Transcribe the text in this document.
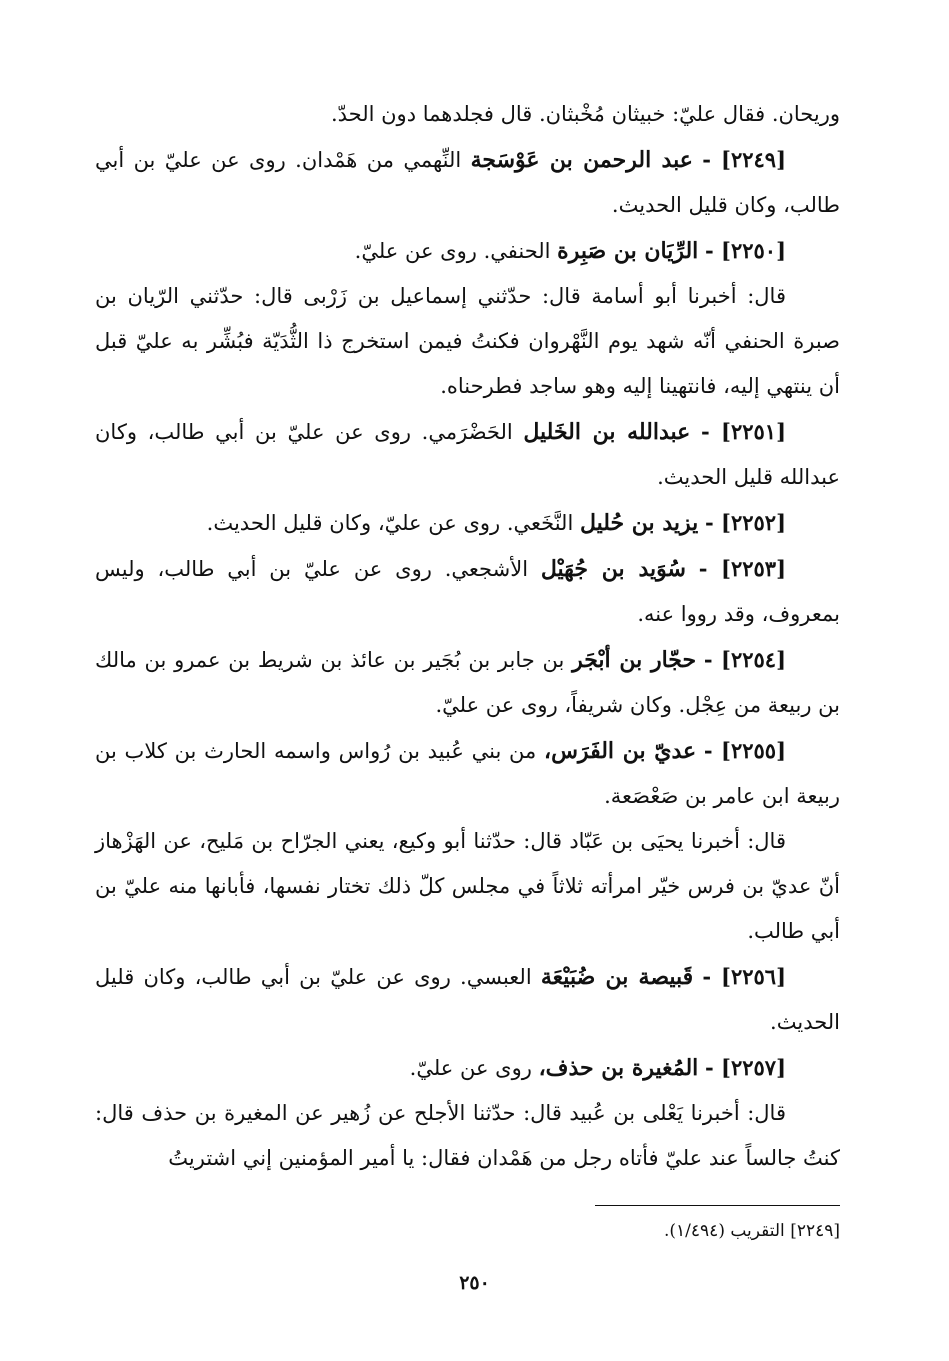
وريحان. فقال عليّ: خبيثان مُخْبثان. قال فجلدهما دون الحدّ.

[٢٢٤٩] - عبد الرحمن بن عَوْسَجة النِّهمي من هَمْدان. روى عن عليّ بن أبي طالب، وكان قليل الحديث.

[٢٢٥٠] - الرِّيَان بن صَبِرة الحنفي. روى عن عليّ.

قال: أخبرنا أبو أسامة قال: حدّثني إسماعيل بن زَرْبى قال: حدّثني الرّيان بن صبرة الحنفي أنّه شهد يوم النَّهْروان فكنتُ فيمن استخرج ذا الثُّدَيّة فبُشِّر به عليّ قبل أن ينتهي إليه، فانتهينا إليه وهو ساجد فطرحناه.

[٢٢٥١] - عبدالله بن الخَليل الحَضْرَمي. روى عن عليّ بن أبي طالب، وكان عبدالله قليل الحديث.

[٢٢٥٢] - يزيد بن حُليل النَّخَعي. روى عن عليّ، وكان قليل الحديث.

[٢٢٥٣] - سُوَيد بن جُهَيْل الأشجعي. روى عن عليّ بن أبي طالب، وليس بمعروف، وقد رووا عنه.

[٢٢٥٤] - حجّار بن أبْجَر بن جابر بن بُجَير بن عائذ بن شريط بن عمرو بن مالك بن ربيعة من عِجْل. وكان شريفاً، روى عن عليّ.

[٢٢٥٥] - عديّ بن الفَرَس، من بني عُبيد بن رُواس واسمه الحارث بن كلاب بن ربيعة ابن عامر بن صَعْصَعة.

قال: أخبرنا يحيَى بن عَبّاد قال: حدّثنا أبو وكيع، يعني الجرّاح بن مَليح، عن الهَزْهاز أنّ عديّ بن فرس خيّر امرأته ثلاثاً في مجلس كلّ ذلك تختار نفسها، فأبانها منه عليّ بن أبي طالب.

[٢٢٥٦] - قَبيصة بن ضُبَيْعَة العبسي. روى عن عليّ بن أبي طالب، وكان قليل الحديث.

[٢٢٥٧] - المُغيرة بن حذف، روى عن عليّ.

قال: أخبرنا يَعْلى بن عُبيد قال: حدّثنا الأجلح عن زُهير عن المغيرة بن حذف قال: كنتُ جالساً عند عليّ فأتاه رجل من هَمْدان فقال: يا أمير المؤمنين إني اشتريتُ

[٢٢٤٩] التقريب (١/٤٩٤).
٢٥٠
